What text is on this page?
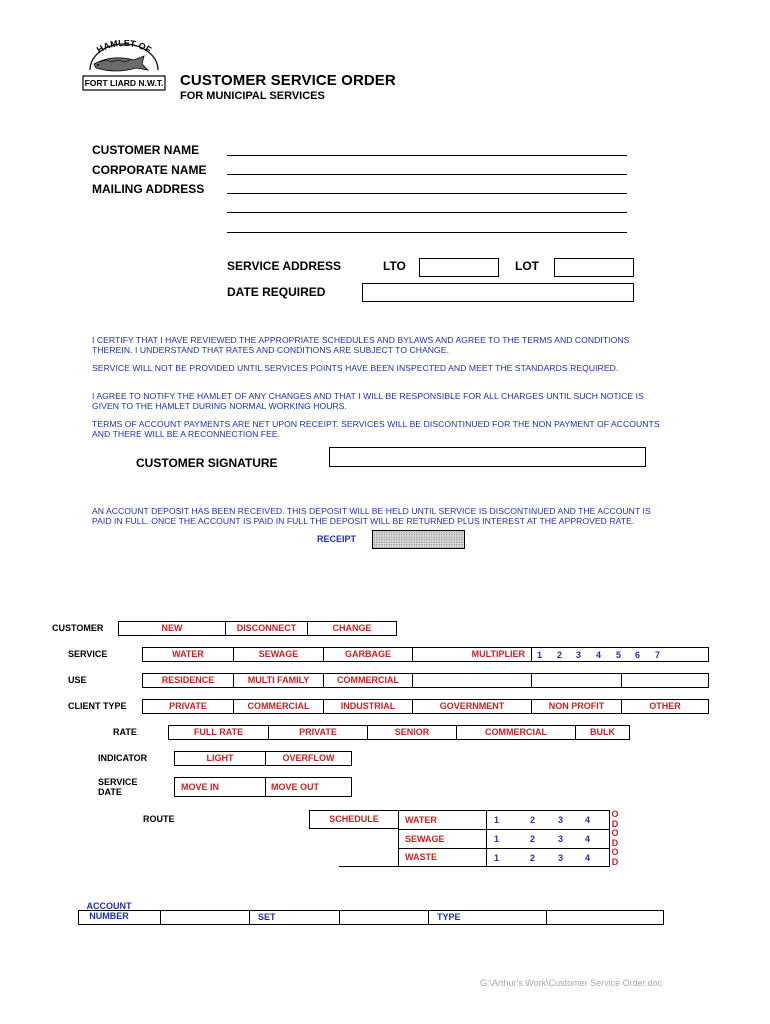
HAMLET OF
FORT LIARD N.W.T. CUSTOMER SERVICE ORDER
FOR MUNICIPAL SERVICES
CUSTOMER NAME
CORPORATE NAME
MAILING ADDRESS
SERVICE ADDRESS	LTO	LOT
DATE REQUIRED
I CERTIFY THAT I HAVE REVIEWED THE APPROPRIATE SCHEDULES AND BYLAWS AND AGREE TO THE TERMS AND CONDITIONS THEREIN. I UNDERSTAND THAT RATES AND CONDITIONS ARE SUBJECT TO CHANGE.
SERVICE WILL NOT BE PROVIDED UNTIL SERVICES POINTS HAVE BEEN INSPECTED AND MEET THE STANDARDS REQUIRED.
I AGREE TO NOTIFY THE HAMLET OF ANY CHANGES AND THAT I WILL BE RESPONSIBLE FOR ALL CHARGES UNTIL SUCH NOTICE IS GIVEN TO THE HAMLET DURING NORMAL WORKING HOURS.
TERMS OF ACCOUNT PAYMENTS ARE NET UPON RECEIPT. SERVICES WILL BE DISCONTINUED FOR THE NON PAYMENT OF ACCOUNTS AND THERE WILL BE A RECONNECTION FEE.
CUSTOMER SIGNATURE
AN ACCOUNT DEPOSIT HAS BEEN RECEIVED. THIS DEPOSIT WILL BE HELD UNTIL SERVICE IS DISCONTINUED AND THE ACCOUNT IS PAID IN FULL. ONCE THE ACCOUNT IS PAID IN FULL THE DEPOSIT WILL BE RETURNED PLUS INTEREST AT THE APPROVED RATE.
RECEIPT
CUSTOMER	NEW	DISCONNECT	CHANGE
SERVICE	WATER	SEWAGE	GARBAGE	MULTIPLIER 1 2 3 4 5 6 7
USE	RESIDENCE	MULTI FAMILY	COMMERCIAL
CLIENT TYPE	PRIVATE	COMMERCIAL	INDUSTRIAL	GOVERNMENT	NON PROFIT	OTHER
RATE	FULL RATE	PRIVATE	SENIOR	COMMERCIAL	BULK
INDICATOR	LIGHT	OVERFLOW
SERVICE
DATE	MOVE IN	MOVE OUT
ROUTE	SCHEDULE	WATER	1	2	3 4
O
D
SEWAGE	1	2	3 4
O
D
WASTE	1	2	3 4
O
D
ACCOUNT
NUMBER	SET	TYPE
G:\Arthur's Work\Customer Service Order.doc
